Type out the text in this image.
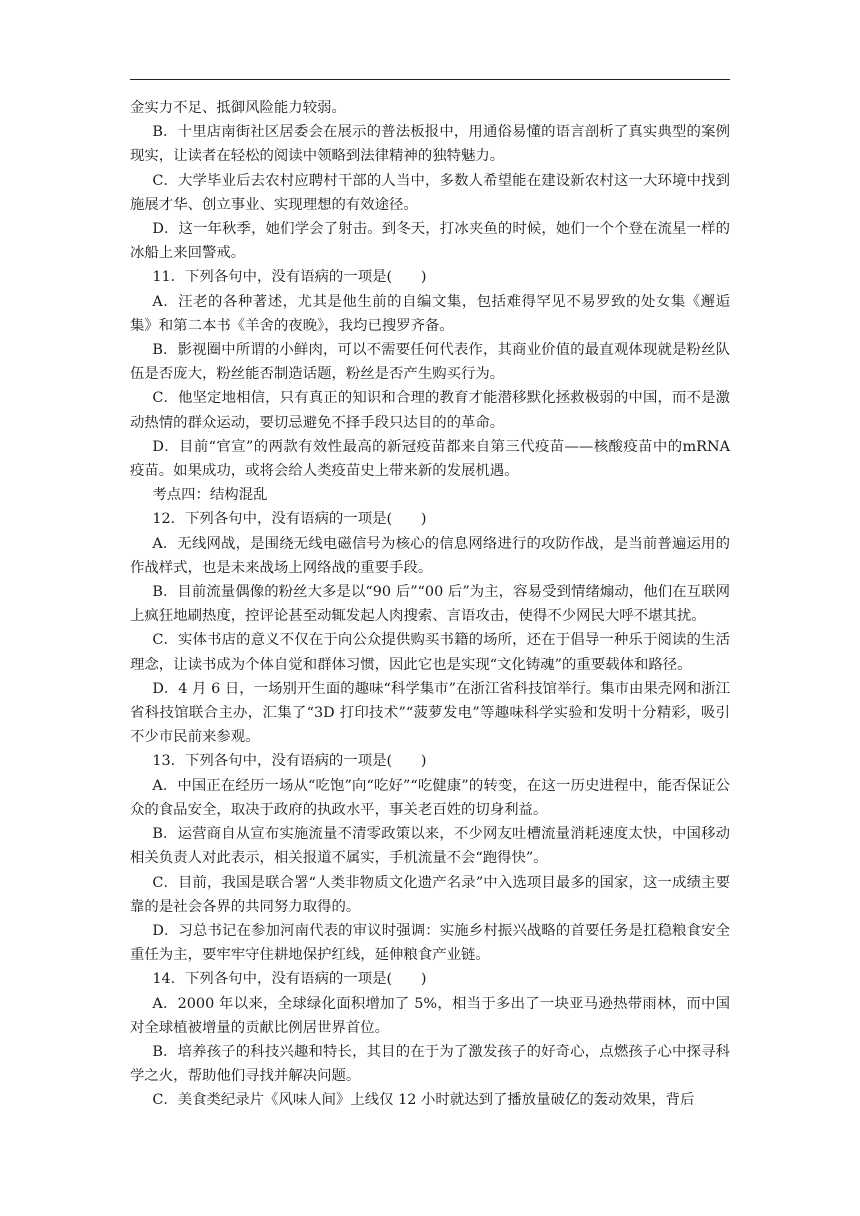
金实力不足、抵御风险能力较弱。

B．十里店南街社区居委会在展示的普法板报中，用通俗易懂的语言剖析了真实典型的案例现实，让读者在轻松的阅读中领略到法律精神的独特魅力。

C．大学毕业后去农村应聘村干部的人当中，多数人希望能在建设新农村这一大环境中找到施展才华、创立事业、实现理想的有效途径。

D．这一年秋季，她们学会了射击。到冬天，打冰夹鱼的时候，她们一个个登在流星一样的冰船上来回警戒。

11．下列各句中，没有语病的一项是(　　)

A．汪老的各种著述，尤其是他生前的自编文集，包括难得罕见不易罗致的处女集《邂逅集》和第二本书《羊舍的夜晚》，我均已搜罗齐备。

B．影视圈中所谓的小鲜肉，可以不需要任何代表作，其商业价值的最直观体现就是粉丝队伍是否庞大，粉丝能否制造话题，粉丝是否产生购买行为。

C．他坚定地相信，只有真正的知识和合理的教育才能潜移默化拯救极弱的中国，而不是激动热情的群众运动，要切忌避免不择手段只达目的的革命。

D．目前“官宣”的两款有效性最高的新冠疫苗都来自第三代疫苗——核酸疫苗中的mRNA 疫苗。如果成功，或将会给人类疫苗史上带来新的发展机遇。

考点四：结构混乱

12．下列各句中，没有语病的一项是(　　)

A．无线网战，是围绕无线电磁信号为核心的信息网络进行的攻防作战，是当前普遍运用的作战样式，也是未来战场上网络战的重要手段。

B．目前流量偶像的粉丝大多是以“90 后”“00 后”为主，容易受到情绪煽动，他们在互联网上疯狂地刷热度，控评论甚至动辄发起人肉搜索、言语攻击，使得不少网民大呼不堪其扰。

C．实体书店的意义不仅在于向公众提供购买书籍的场所，还在于倡导一种乐于阅读的生活理念，让读书成为个体自觉和群体习惯，因此它也是实现“文化铸魂”的重要载体和路径。

D．4 月 6 日，一场别开生面的趣味“科学集市”在浙江省科技馆举行。集市由果壳网和浙江省科技馆联合主办，汇集了“3D 打印技术”“菠萝发电”等趣味科学实验和发明十分精彩，吸引不少市民前来参观。

13．下列各句中，没有语病的一项是(　　)

A．中国正在经历一场从“吃饱”向“吃好”“吃健康”的转变，在这一历史进程中，能否保证公众的食品安全，取决于政府的执政水平，事关老百姓的切身利益。

B．运营商自从宣布实施流量不清零政策以来，不少网友吐槽流量消耗速度太快，中国移动相关负责人对此表示，相关报道不属实，手机流量不会“跑得快”。

C．目前，我国是联合署“人类非物质文化遗产名录”中入选项目最多的国家，这一成绩主要靠的是社会各界的共同努力取得的。

D．习总书记在参加河南代表的审议时强调：实施乡村振兴战略的首要任务是扛稳粮食安全重任为主，要牢牢守住耕地保护红线，延伸粮食产业链。

14．下列各句中，没有语病的一项是(　　)

A．2000 年以来，全球绿化面积增加了 5%，相当于多出了一块亚马逊热带雨林，而中国对全球植被增量的贡献比例居世界首位。

B．培养孩子的科技兴趣和特长，其目的在于为了激发孩子的好奇心，点燃孩子心中探寻科学之火，帮助他们寻找并解决问题。

C．美食类纪录片《风味人间》上线仅 12 小时就达到了播放量破亿的轰动效果，背后
